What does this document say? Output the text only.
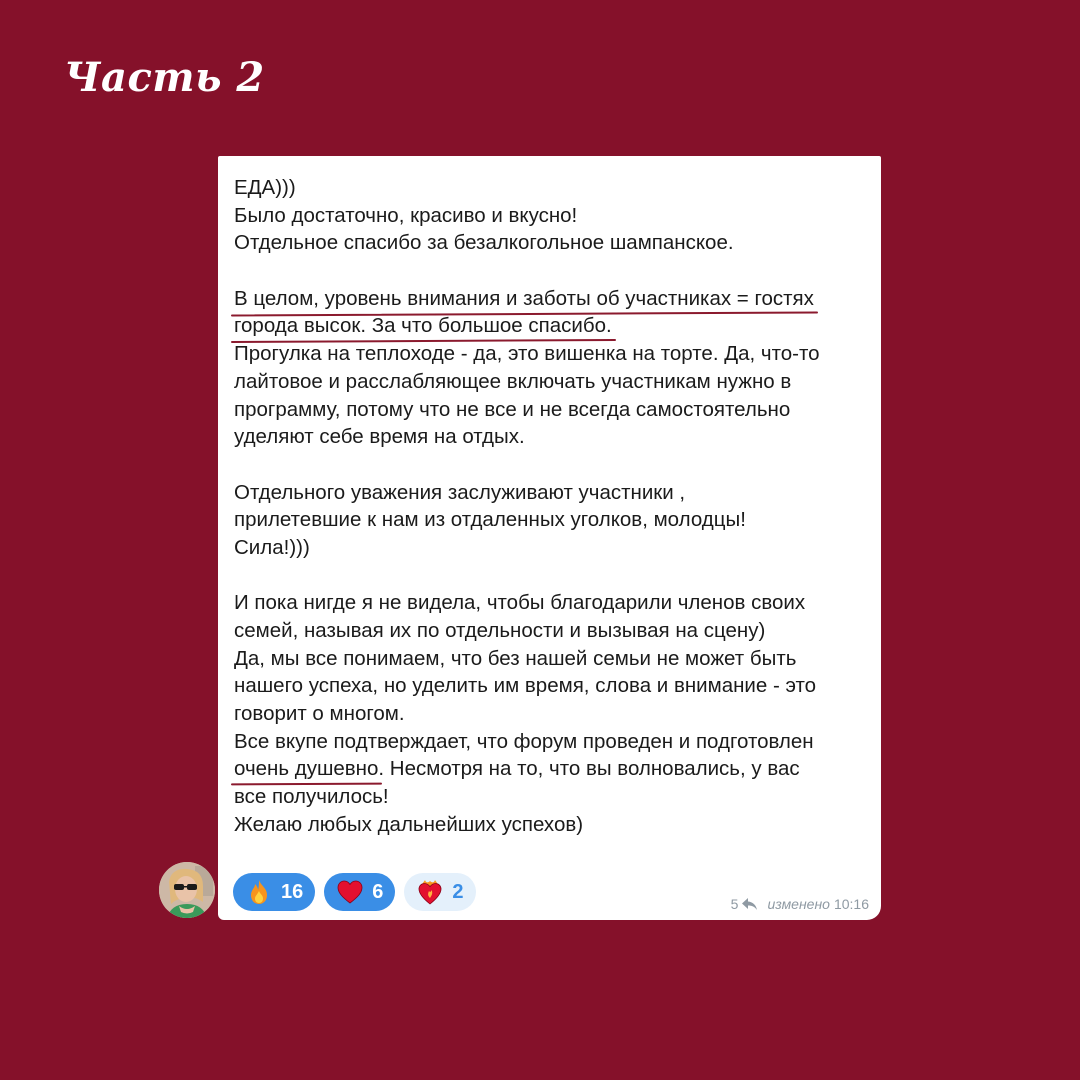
Часть 2
ЕДА)))
Было достаточно, красиво и вкусно!
Отдельное спасибо за безалкогольное шампанское.
В целом, уровень внимания и заботы об участниках = гостях
города высок. За что большое спасибо.
Прогулка на теплоходе - да, это вишенка на торте. Да, что-то
лайтовое и расслабляющее включать участникам нужно в
программу, потому что не все и не всегда самостоятельно
уделяют себе время на отдых.
Отдельного уважения заслуживают участники ,
прилетевшие к нам из отдаленных уголков, молодцы!
Сила!)))
И пока нигде я не видела, чтобы благодарили членов своих
семей, называя их по отдельности и вызывая на сцену)
Да, мы все понимаем, что без нашей семьи не может быть
нашего успеха, но уделить им время, слова и внимание - это
говорит о многом.
Все вкупе подтверждает, что форум проведен и подготовлен
очень душевно. Несмотря на то, что вы волновались, у вас
все получилось!
Желаю любых дальнейших успехов)
16	6	2
5 изменено 10:16
